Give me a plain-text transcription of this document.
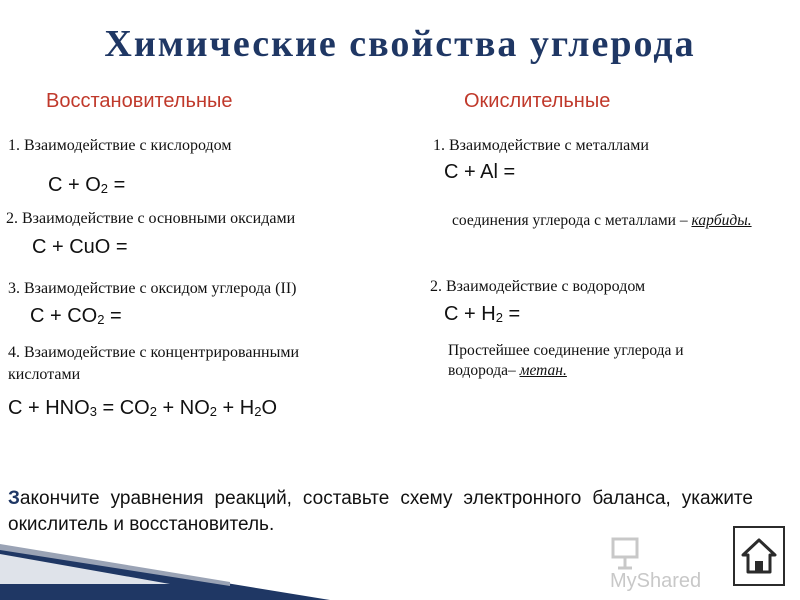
Химические свойства углерода
Восстановительные	Окислительные
1. Взаимодействие с кислородом
$C + O_2$ =
2. Взаимодействие с основными оксидами
C + CuO =
3. Взаимодействие с оксидом углерода (II)
$C + CO_2$ =
4. Взаимодействие с концентрированными
кислотами
$C + HNO_3 = CO_2 + NO_2 + H_2O$
1. Взаимодействие с металлами
C + Al =
соединения углерода с металлами – карбиды.
2. Взаимодействие с водородом
$C + H_2$ =
Простейшее соединение углерода и водорода– метан.
Закончите уравнения реакций, составьте схему электронного баланса, укажите окислитель и восстановитель.
MyShared
